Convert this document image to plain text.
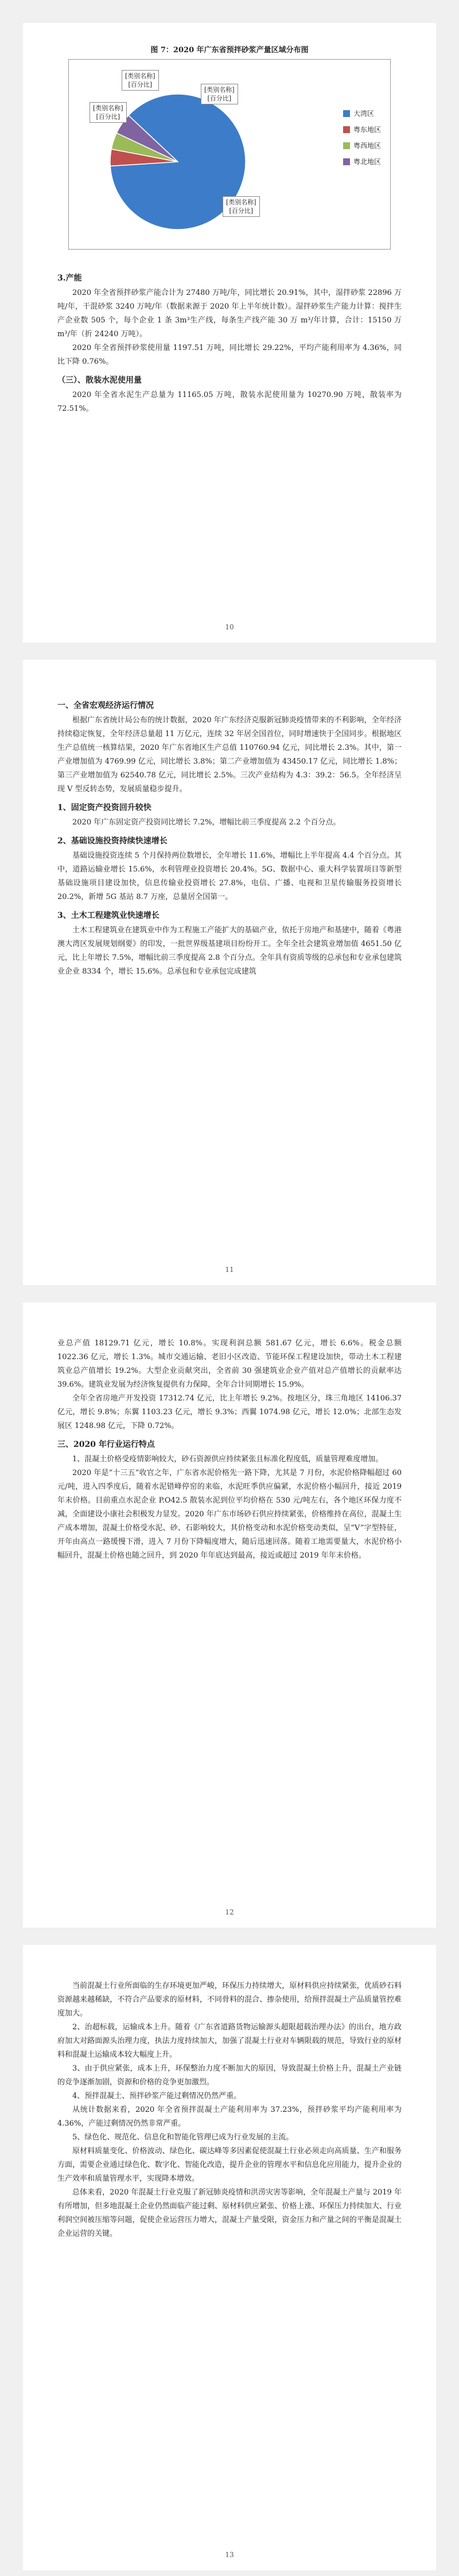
图 7：2020 年广东省预拌砂浆产量区域分布图
[类别名称]
[百分比]
[类别名称]
[百分比]
[类别名称]
[百分比]
[类别名称]
[百分比]
大湾区
粤东地区
粤西地区
粤北地区
3.产能

2020 年全省预拌砂浆产能合计为 27480 万吨/年，同比增长 20.91%，其中，湿拌砂浆 22896 万吨/年，干混砂浆 3240 万吨/年（数据来源于 2020 年上半年统计数）。湿拌砂浆生产能力计算：搅拌生产企业数 505 个，每个企业 1 条 3m³生产线，每条生产线产能 30 万 m³/年计算，合计：15150 万 m³/年（折 24240 万吨）。

2020 年全省预拌砂浆使用量 1197.51 万吨，同比增长 29.22%，平均产能利用率为 4.36%，同比下降 0.76%。

（三）、散装水泥使用量

2020 年全省水泥生产总量为 11165.05 万吨，散装水泥使用量为 10270.90 万吨，散装率为 72.51%。

10
一、全省宏观经济运行情况

根据广东省统计局公布的统计数据，2020 年广东经济克服新冠肺炎疫情带来的不利影响，全年经济持续稳定恢复，全年经济总量超 11 万亿元，连续 32 年居全国首位，同时增速快于全国同步。根据地区生产总值统一核算结果，2020 年广东省地区生产总值 110760.94 亿元，同比增长 2.3%。其中，第一产业增加值为 4769.99 亿元，同比增长 3.8%；第二产业增加值为 43450.17 亿元，同比增长 1.8%；第三产业增加值为 62540.78 亿元，同比增长 2.5%。三次产业结构为 4.3：39.2：56.5。全年经济呈现 V 型反转态势，发展质量稳步提升。

1、固定资产投资回升较快

2020 年广东固定资产投资同比增长 7.2%，增幅比前三季度提高 2.2 个百分点。

2、基础设施投资持续快速增长

基础设施投资连续 5 个月保持两位数增长，全年增长 11.6%，增幅比上半年提高 4.4 个百分点。其中，道路运输业增长 15.6%，水利管理业投资增长 20.4%。5G、数据中心、重大科学装置项目等新型基础设施项目建设加快，信息传输业投资增长 27.8%，电信、广播、电视和卫星传输服务投资增长 20.2%，新增 5G 基站 8.7 万座，总量居全国第一。

3、土木工程建筑业快速增长

土木工程建筑业在建筑业中作为工程施工产能扩大的基础产业，依托于房地产和基建中，随着《粤港澳大湾区发展规划纲要》的印发，一批世界级基建项目纷纷开工。全年全社会建筑业增加值 4651.50 亿元，比上年增长 7.5%，增幅比前三季度提高 2.8 个百分点。全年具有资质等级的总承包和专业承包建筑业企业 8334 个，增长 15.6%。总承包和专业承包完成建筑

11

业总产值 18129.71 亿元，增长 10.8%。实现利润总额 581.67 亿元，增长 6.6%。税金总额 1022.36 亿元，增长 1.3%。城市交通运输、老旧小区改造、节能环保工程建设加快，带动土木工程建筑业总产值增长 19.2%。大型企业贡献突出，全省前 30 强建筑业企业产值对总产值增长的贡献率达 39.6%。建筑业发展为经济恢复提供有力保障，全年合计同期增长 15.9%。

全年全省房地产开发投资 17312.74 亿元，比上年增长 9.2%。按地区分，珠三角地区 14106.37 亿元，增长 9.8%；东翼 1103.23 亿元，增长 9.3%；西翼 1074.98 亿元，增长 12.0%；北部生态发展区 1248.98 亿元，下降 0.72%。

三、2020 年行业运行特点

1、混凝土价格受疫情影响较大，砂石资源供应持续紧张且标准化程度低，质量管理难度增加。

2020 年是“十三五”收官之年，广东省水泥价格先一路下降，尤其是 7 月份，水泥价格降幅超过 60 元/吨，进入四季度后，随着水泥错峰停窑的来临，水泥旺季供应偏紧，水泥价格小幅回升，接近 2019 年末价格。目前重点水泥企业 P.O42.5 散装水泥到位平均价格在 530 元/吨左右，各个地区环保力度不减，全面建设小康社会积极发力显发。2020 年广东市场砂石供应持续紧张，价格维持在高位，混凝土生产成本增加，混凝土价格受水泥、砂、石影响较大，其价格变动和水泥价格变动类似，呈“V”字型特征，开年由高点一路缓慢下滑，进入 7 月份下降幅度增大，随后迅速回落。随着工地需要量大，水泥价格小幅回升，混凝土价格也随之回升，到 2020 年年底达到最高，接近或超过 2019 年年末价格。

12

当前混凝土行业所面临的生存环境更加严峻，环保压力持续增大，原材料供应持续紧张，优质砂石料资源越来越稀缺，不符合产品要求的原材料，不同骨料的混合、掺杂使用，给预拌混凝土产品质量管控难度加大。

2、治超标载，运输成本上升。随着《广东省道路货物运输源头超限超载治理办法》的出台，地方政府加大对路面源头治理力度，执法力度持续加大，加强了混凝土行业对车辆限载的规范，导致行业的原材料和混凝土运输成本较大幅度上升。

3、由于供应紧张，成本上升，环保整治力度不断加大的原因，导致混凝土价格上升，混凝土产业链的竞争逐渐加剧，资源和价格的竞争更加激烈。

4、预拌混凝土、预拌砂浆产能过剩情况仍然严重。

从统计数据来看，2020 年全省预拌混凝土产能利用率为 37.23%，预拌砂浆平均产能利用率为 4.36%，产能过剩情况仍然非常严重。

5、绿色化、规范化、信息化和智能化管理已成为行业发展的主流。

原材料质量变化、价格波动、绿色化、碳达峰等多因素促使混凝土行业必须走向高质量、生产和服务方面，需要企业通过绿色化、数字化、智能化改造，提升企业的管理水平和信息化应用能力，提升企业的生产效率和质量管理水平，实现降本增效。

总体来看，2020 年混凝土行业克服了新冠肺炎疫情和洪涝灾害等影响，全年混凝土产量与 2019 年有所增加，但多地混凝土企业仍然面临产能过剩、原材料供应紧张、价格上涨、环保压力持续加大、行业利润空间被压缩等问题，促使企业运营压力增大，混凝土产量受限，资金压力和产量之间的平衡是混凝土企业运营的关键。

13
